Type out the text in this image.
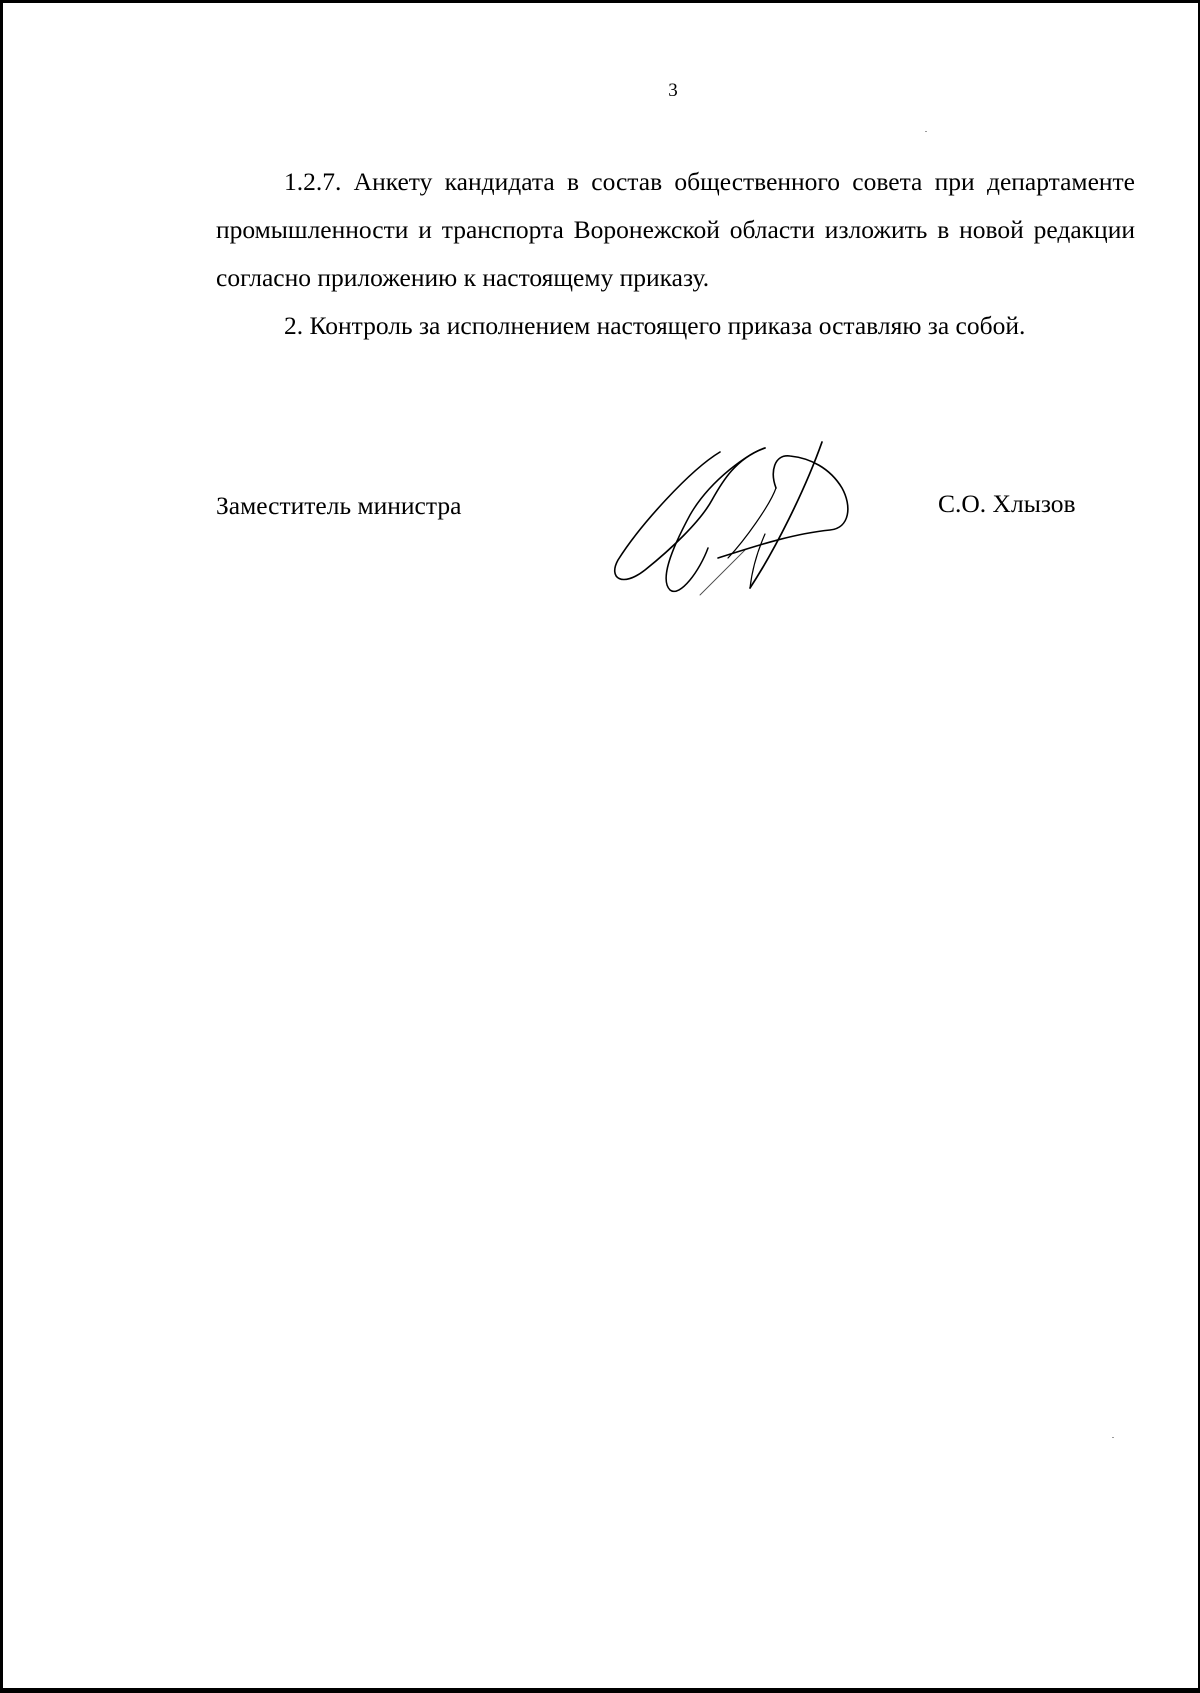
3

1.2.7. Анкету кандидата в состав общественного совета при департаменте промышленности и транспорта Воронежской области изложить в новой редакции согласно приложению к настоящему приказу.

2. Контроль за исполнением настоящего приказа оставляю за собой.

Заместитель министра	С.О. Хлызов
